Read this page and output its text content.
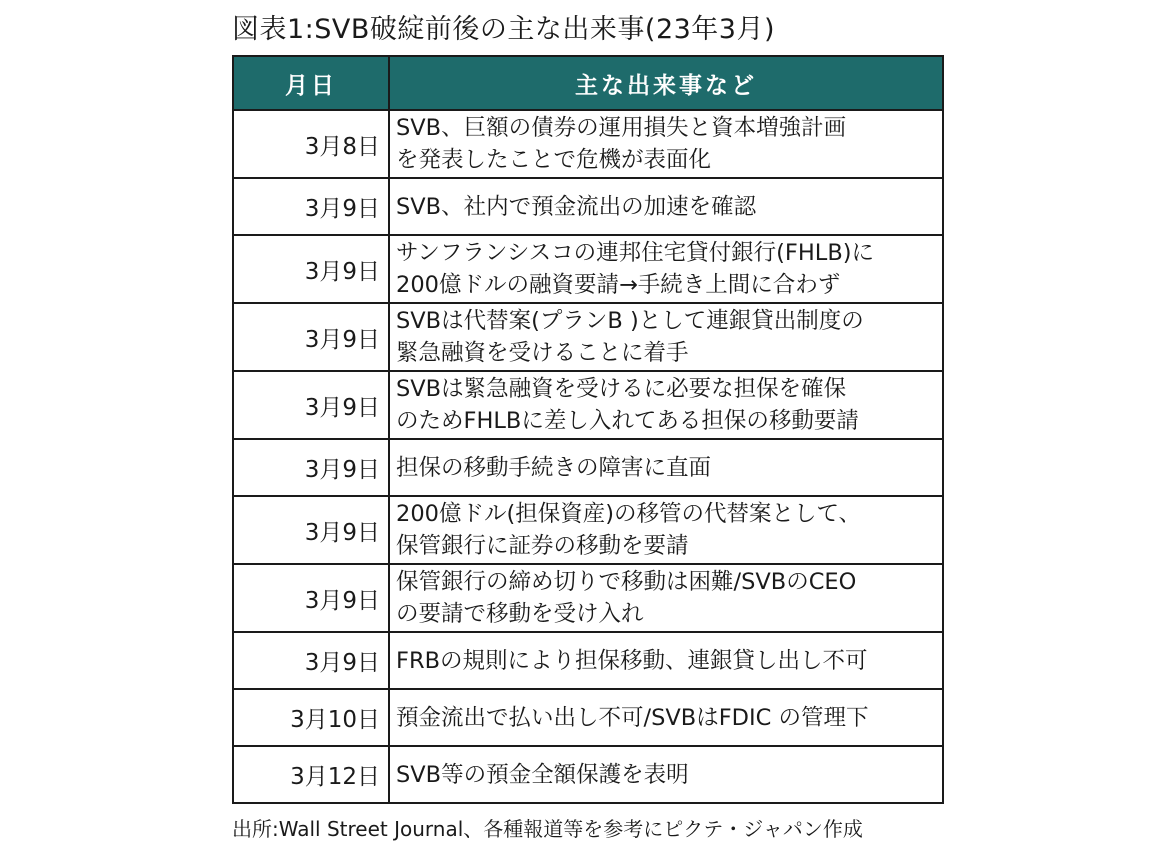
図表1:SVB破綻前後の主な出来事(23年3月)
月日	主な出来事など
3月8日	SVB、巨額の債券の運用損失と資本増強計画
を発表したことで危機が表面化
3月9日	SVB、社内で預金流出の加速を確認
3月9日	サンフランシスコの連邦住宅貸付銀行(FHLB)に
200億ドルの融資要請→手続き上間に合わず
3月9日	SVBは代替案(プランB )として連銀貸出制度の
緊急融資を受けることに着手
3月9日	SVBは緊急融資を受けるに必要な担保を確保
のためFHLBに差し入れてある担保の移動要請
3月9日	担保の移動手続きの障害に直面
3月9日	200億ドル(担保資産)の移管の代替案として、
保管銀行に証券の移動を要請
3月9日	保管銀行の締め切りで移動は困難/SVBのCEO
の要請で移動を受け入れ
3月9日	FRBの規則により担保移動、連銀貸し出し不可
3月10日	預金流出で払い出し不可/SVBはFDIC の管理下
3月12日	SVB等の預金全額保護を表明
出所:Wall Street Journal、各種報道等を参考にピクテ・ジャパン作成
